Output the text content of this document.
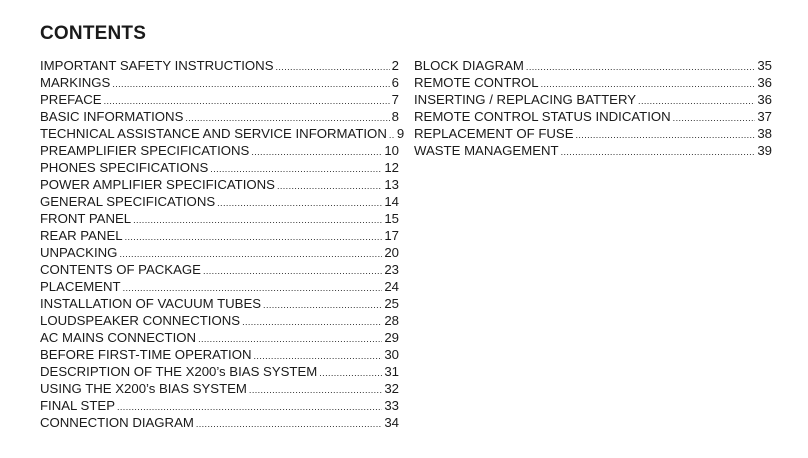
CONTENTS
IMPORTANT SAFETY INSTRUCTIONS .....	2
MARKINGS .....	6
PREFACE .....	7
BASIC INFORMATIONS .....	8
TECHNICAL ASSISTANCE AND SERVICE INFORMATION ..... 9
PREAMPLIFIER SPECIFICATIONS .....	10
PHONES SPECIFICATIONS .....	12
POWER AMPLIFIER SPECIFICATIONS .....	13
GENERAL SPECIFICATIONS .....	14
FRONT PANEL .....	15
REAR PANEL .....	17
UNPACKING .....	20
CONTENTS OF PACKAGE .....	23
PLACEMENT .....	24
INSTALLATION OF VACUUM TUBES .....	25
LOUDSPEAKER CONNECTIONS .....	28
AC MAINS CONNECTION .....	29
BEFORE FIRST-TIME OPERATION .....	30
DESCRIPTION OF THE X200’s BIAS SYSTEM .....	31
USING THE X200’s BIAS SYSTEM .....	32
FINAL STEP .....	33
CONNECTION DIAGRAM .....	34
BLOCK DIAGRAM .....	35
REMOTE CONTROL .....	36
INSERTING / REPLACING BATTERY .....	36
REMOTE CONTROL STATUS INDICATION .....	37
REPLACEMENT OF FUSE .....	38
WASTE MANAGEMENT .....	39
